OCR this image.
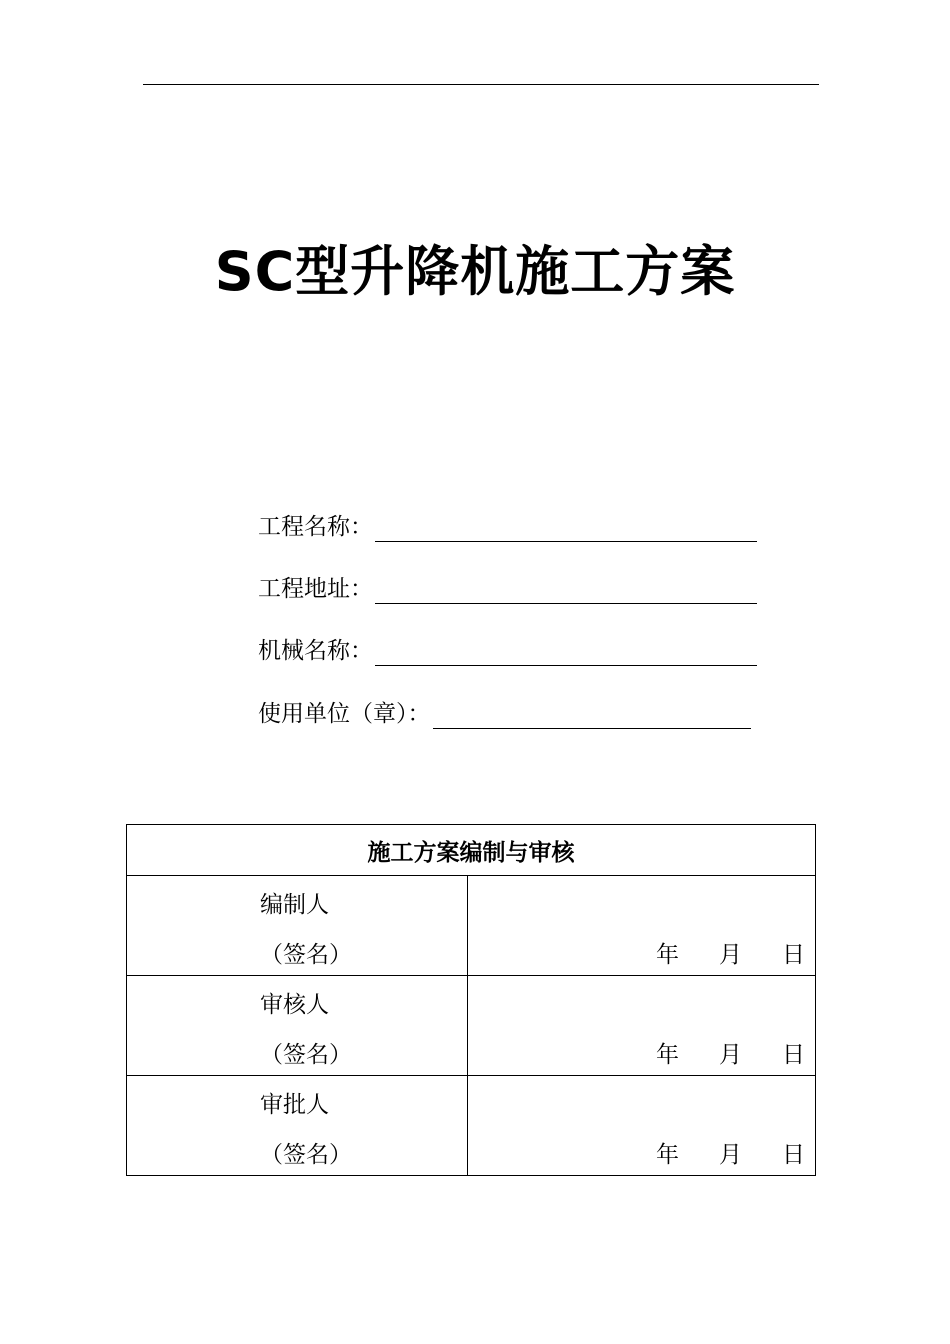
SC型升降机施工方案
工程名称：
工程地址：
机械名称：
使用单位（章）：
施工方案编制与审核	

编制人
（签名）	年 月 日

审核人
（签名）	年 月 日

审批人
（签名）	年 月 日
